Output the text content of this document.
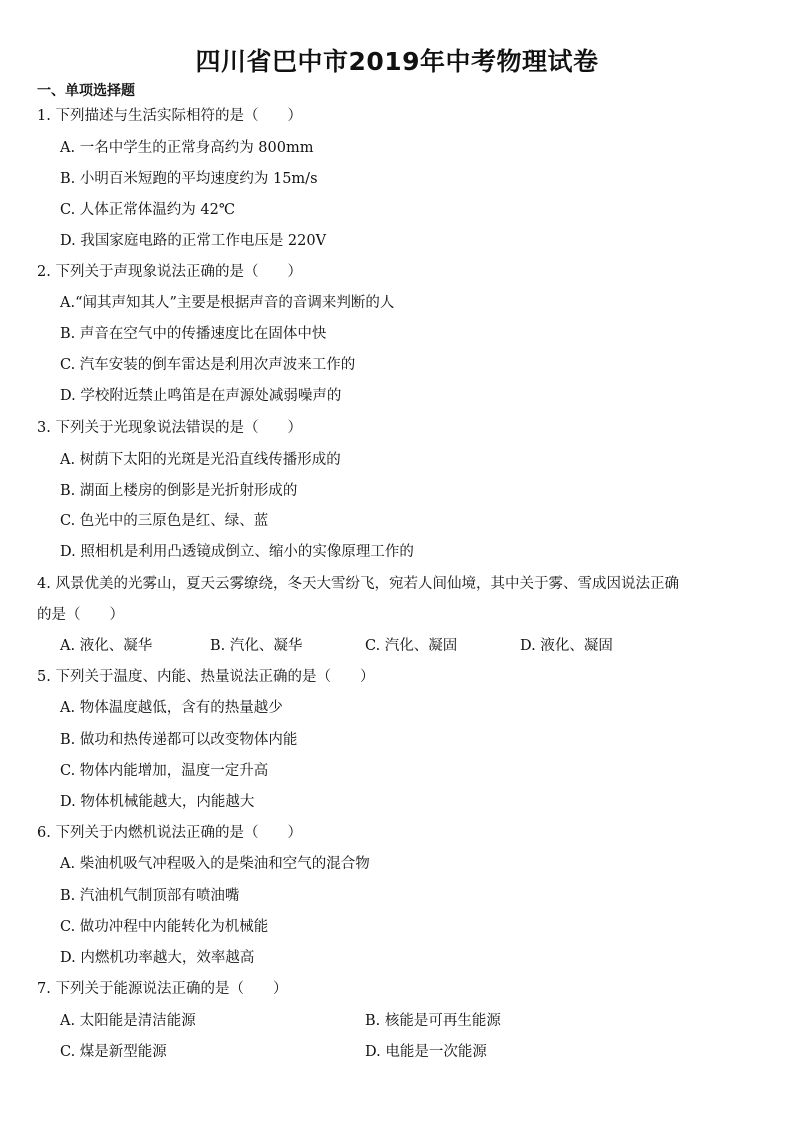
四川省巴中市2019年中考物理试卷
一、单项选择题
1. 下列描述与生活实际相符的是（　　）
A. 一名中学生的正常身高约为 800mm
B. 小明百米短跑的平均速度约为 15m/s
C. 人体正常体温约为 42℃
D. 我国家庭电路的正常工作电压是 220V
2. 下列关于声现象说法正确的是（　　）
A.“闻其声知其人”主要是根据声音的音调来判断的人
B. 声音在空气中的传播速度比在固体中快
C. 汽车安装的倒车雷达是利用次声波来工作的
D. 学校附近禁止鸣笛是在声源处减弱噪声的
3. 下列关于光现象说法错误的是（　　）
A. 树荫下太阳的光斑是光沿直线传播形成的
B. 湖面上楼房的倒影是光折射形成的
C. 色光中的三原色是红、绿、蓝
D. 照相机是利用凸透镜成倒立、缩小的实像原理工作的
4. 风景优美的光雾山，夏天云雾缭绕，冬天大雪纷飞，宛若人间仙境，其中关于雾、雪成因说法正确
的是（　　）
A. 液化、凝华	B. 汽化、凝华	C. 汽化、凝固	D. 液化、凝固
5. 下列关于温度、内能、热量说法正确的是（　　）
A. 物体温度越低，含有的热量越少
B. 做功和热传递都可以改变物体内能
C. 物体内能增加，温度一定升高
D. 物体机械能越大，内能越大
6. 下列关于内燃机说法正确的是（　　）
A. 柴油机吸气冲程吸入的是柴油和空气的混合物
B. 汽油机气制顶部有喷油嘴
C. 做功冲程中内能转化为机械能
D. 内燃机功率越大，效率越高
7. 下列关于能源说法正确的是（　　）
A. 太阳能是清洁能源	B. 核能是可再生能源
C. 煤是新型能源	D. 电能是一次能源
